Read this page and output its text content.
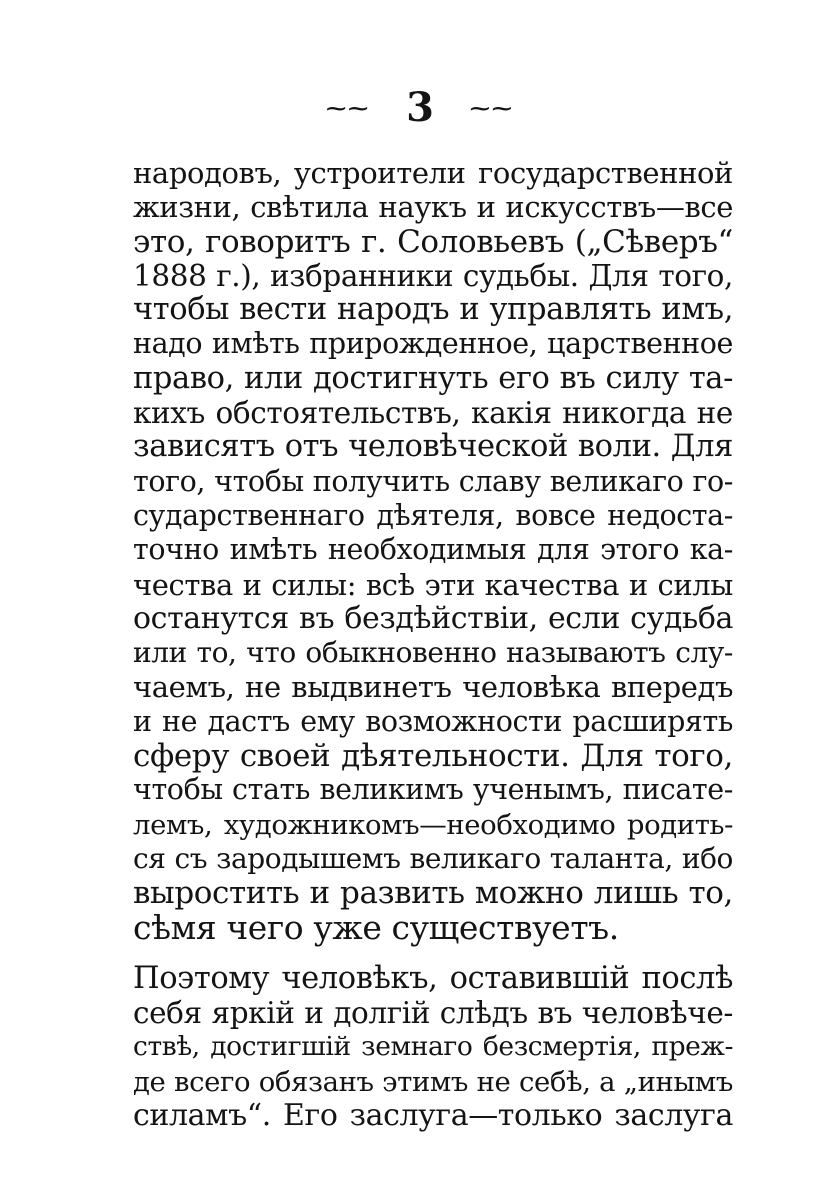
⁓⁓ 3 ⁓⁓
народовъ, устроители государственной
жизни, свѣтила наукъ и искусствъ—все
это, говоритъ г. Соловьевъ („Сѣверъ“
1888 г.), избранники судьбы. Для того,
чтобы вести народъ и управлять имъ,
надо имѣть прирожденное, царственное
право, или достигнуть его въ силу та-
кихъ обстоятельствъ, какія никогда не
зависятъ отъ человѣческой воли. Для
того, чтобы получить славу великаго го-
сударственнаго дѣятеля, вовсе недоста-
точно имѣть необходимыя для этого ка-
чества и силы: всѣ эти качества и силы
останутся въ бездѣйствіи, если судьба
или то, что обыкновенно называютъ слу-
чаемъ, не выдвинетъ человѣка впередъ
и не дастъ ему возможности расширять
сферу своей дѣятельности. Для того,
чтобы стать великимъ ученымъ, писате-
лемъ, художникомъ—необходимо родить-
ся съ зародышемъ великаго таланта, ибо
выростить и развить можно лишь то,
сѣмя чего уже существуетъ.
Поэтому человѣкъ, оставившій послѣ
себя яркій и долгій слѣдъ въ человѣче-
ствѣ, достигшій земнаго безсмертія, преж-
де всего обязанъ этимъ не себѣ, а „инымъ
силамъ“. Его заслуга—только заслуга
